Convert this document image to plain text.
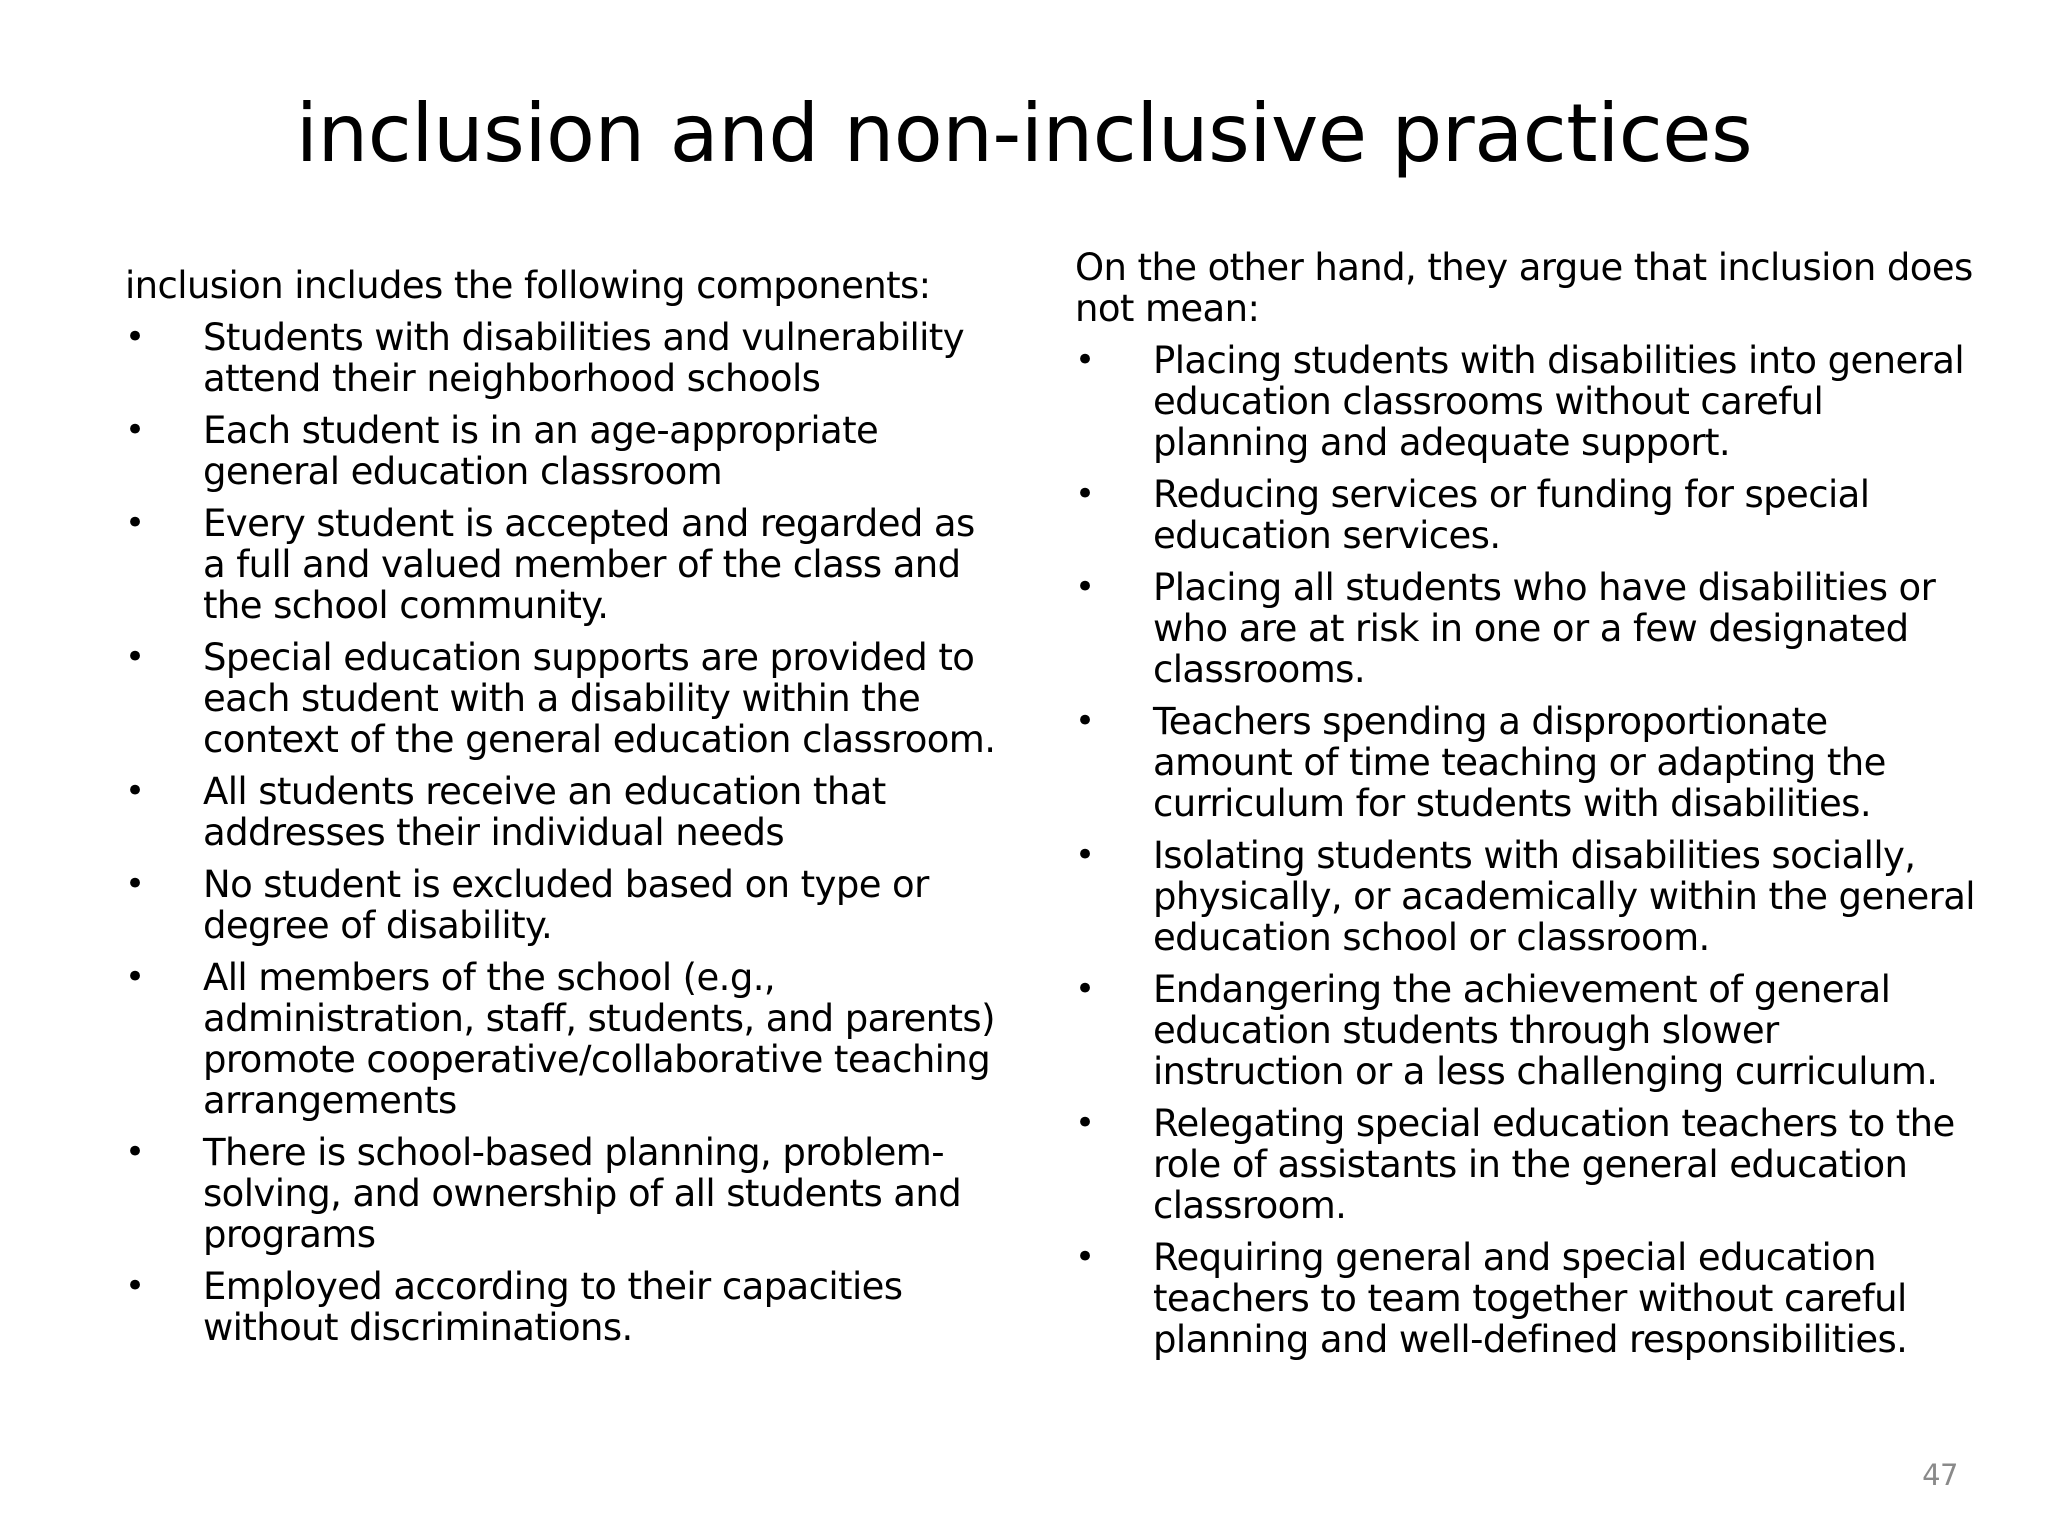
inclusion and non-inclusive practices
inclusion includes the following components:
•	Students with disabilities and vulnerability attend their neighborhood schools
•	Each student is in an age-appropriate general education classroom
•	Every student is accepted and regarded as a full and valued member of the class and the school community.
•	Special education supports are provided to each student with a disability within the context of the general education classroom.
•	All students receive an education that addresses their individual needs
•	No student is excluded based on type or degree of disability.
•	All members of the school (e.g., administration, staff, students, and parents) promote cooperative/collaborative teaching arrangements
•	There is school-based planning, problem-solving, and ownership of all students and programs
•	Employed according to their capacities without discriminations.
On the other hand, they argue that inclusion does not mean:
•	Placing students with disabilities into general education classrooms without careful planning and adequate support.
•	Reducing services or funding for special education services.
•	Placing all students who have disabilities or who are at risk in one or a few designated classrooms.
•	Teachers spending a disproportionate amount of time teaching or adapting the curriculum for students with disabilities.
•	Isolating students with disabilities socially, physically, or academically within the general education school or classroom.
•	Endangering the achievement of general education students through slower instruction or a less challenging curriculum.
•	Relegating special education teachers to the role of assistants in the general education classroom.
•	Requiring general and special education teachers to team together without careful planning and well-defined responsibilities.
47
